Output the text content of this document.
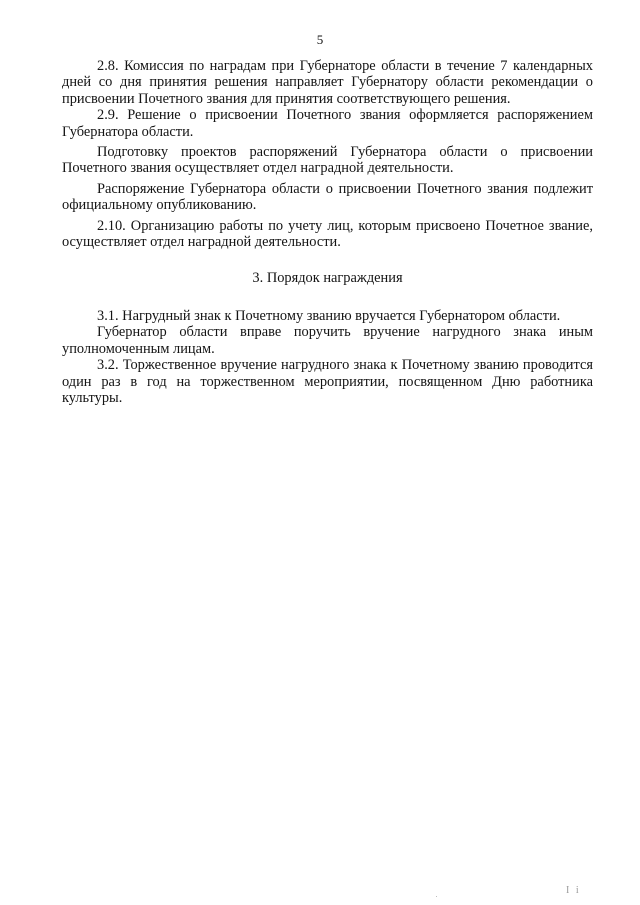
5

2.8. Комиссия по наградам при Губернаторе области в течение 7 календарных дней со дня принятия решения направляет Губернатору области рекомендации о присвоении Почетного звания для принятия соответствующего решения.

2.9. Решение о присвоении Почетного звания оформляется распоряжением Губернатора области.

Подготовку проектов распоряжений Губернатора области о присвоении Почетного звания осуществляет отдел наградной деятельности.

Распоряжение Губернатора области о присвоении Почетного звания подлежит официальному опубликованию.

2.10. Организацию работы по учету лиц, которым присвоено Почетное звание, осуществляет отдел наградной деятельности.

3. Порядок награждения

3.1. Нагрудный знак к Почетному званию вручается Губернатором области.

Губернатор области вправе поручить вручение нагрудного знака иным уполномоченным лицам.

3.2. Торжественное вручение нагрудного знака к Почетному званию проводится один раз в год на торжественном мероприятии, посвященном Дню работника культуры.

I i
